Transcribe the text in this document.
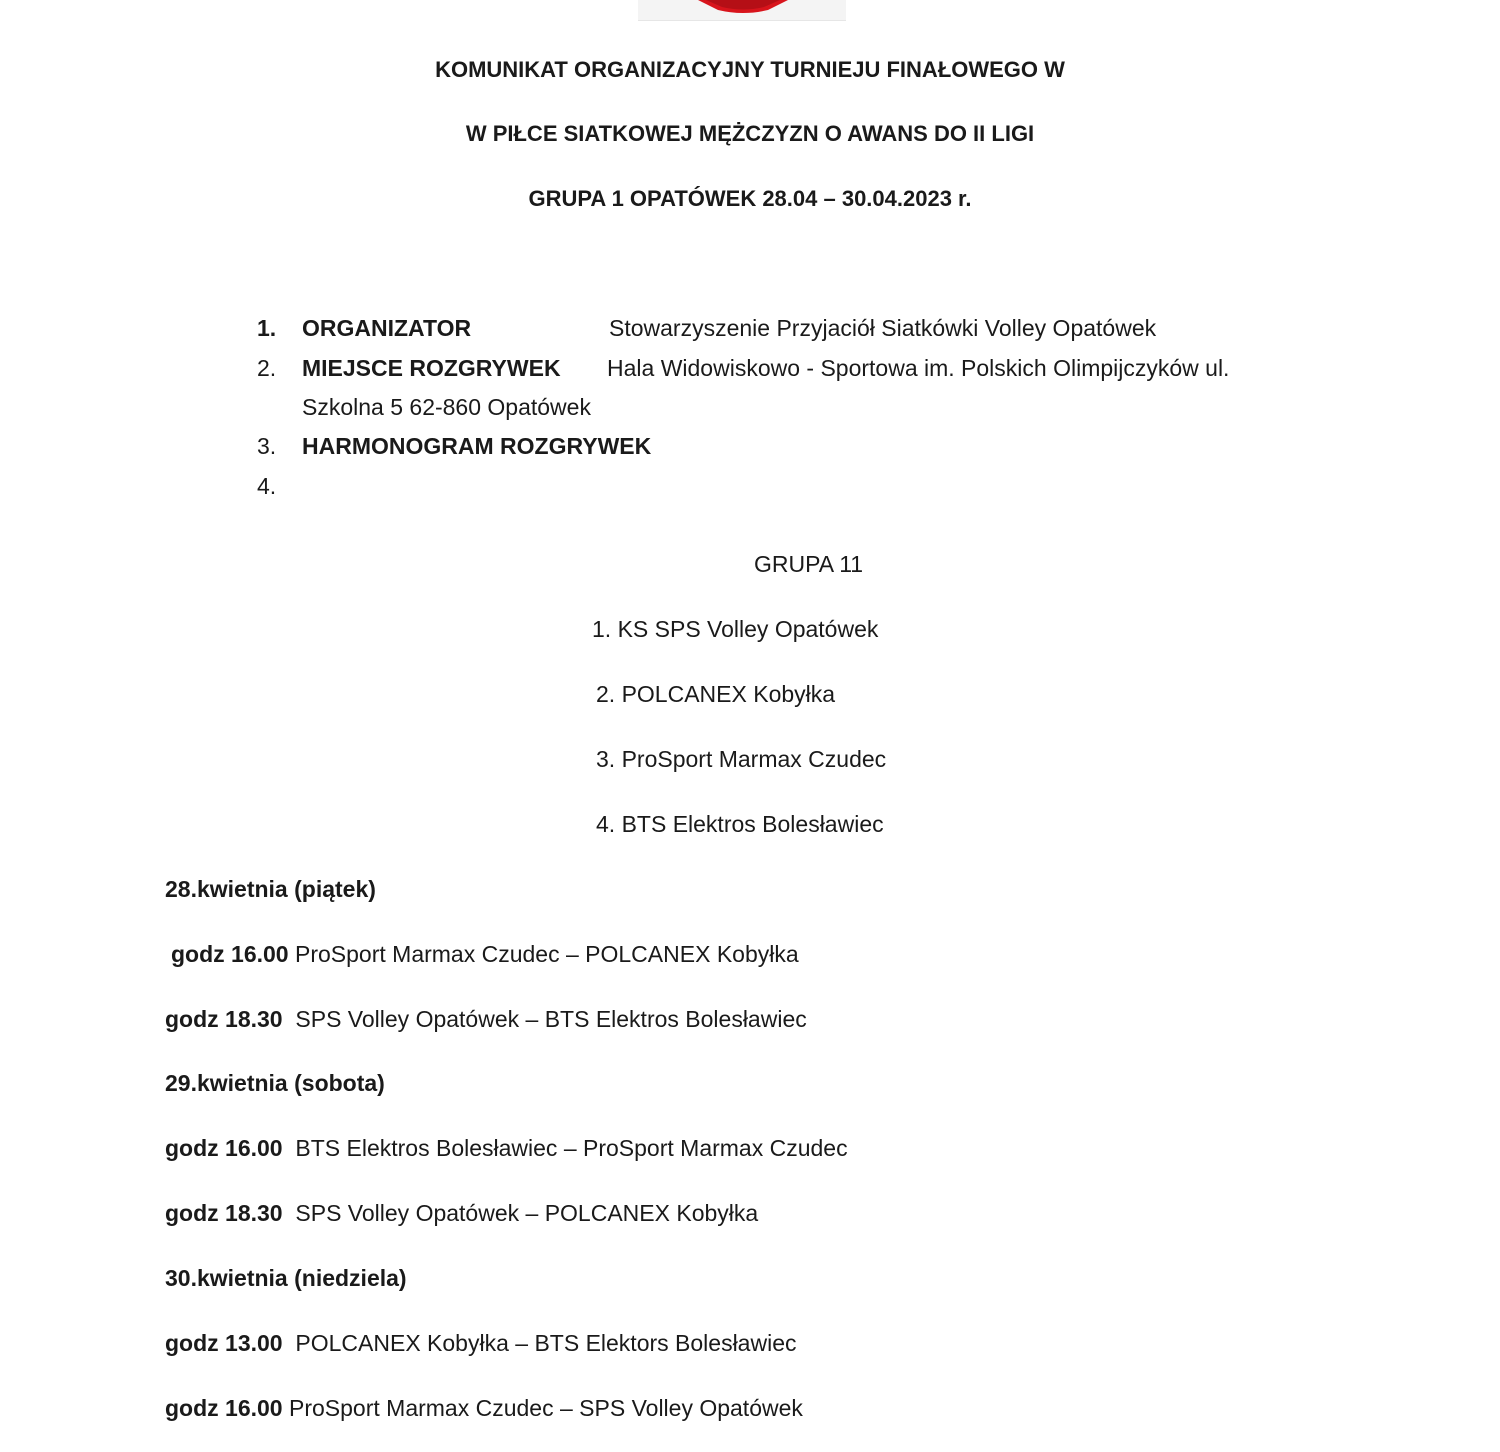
KOMUNIKAT ORGANIZACYJNY TURNIEJU FINAŁOWEGO W
W PIŁCE SIATKOWEJ MĘŻCZYZN O AWANS DO II LIGI
GRUPA 1 OPATÓWEK 28.04 – 30.04.2023 r.
1. ORGANIZATOR	Stowarzyszenie Przyjaciół Siatkówki Volley Opatówek
2. MIEJSCE ROZGRYWEK Hala Widowiskowo - Sportowa im. Polskich Olimpijczyków ul.
Szkolna 5 62-860 Opatówek
3. HARMONOGRAM ROZGRYWEK
4.
GRUPA 11
1. KS SPS Volley Opatówek
2. POLCANEX Kobyłka
3. ProSport Marmax Czudec
4. BTS Elektros Bolesławiec
28.kwietnia (piątek)
godz 16.00 ProSport Marmax Czudec – POLCANEX Kobyłka
godz 18.30 SPS Volley Opatówek – BTS Elektros Bolesławiec
29.kwietnia (sobota)
godz 16.00 BTS Elektros Bolesławiec – ProSport Marmax Czudec
godz 18.30 SPS Volley Opatówek – POLCANEX Kobyłka
30.kwietnia (niedziela)
godz 13.00 POLCANEX Kobyłka – BTS Elektors Bolesławiec
godz 16.00 ProSport Marmax Czudec – SPS Volley Opatówek
